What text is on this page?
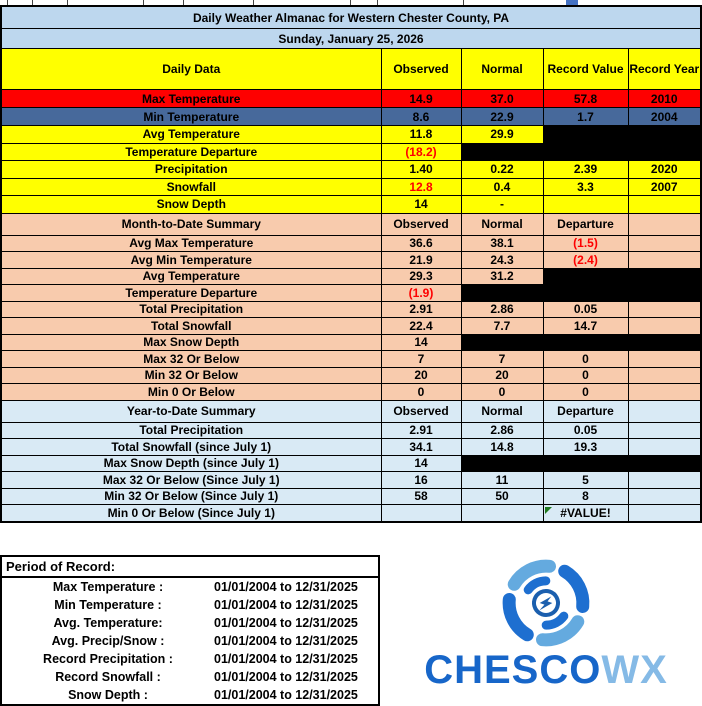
Daily Weather Almanac for Western Chester County, PA				
Sunday, January 25, 2026				
Daily Data	Observed	Normal	Record Value	Record Year
Max Temperature	14.9	37.0	57.8	2010
Min Temperature	8.6	22.9	1.7	2004
Avg Temperature	11.8	29.9		
Temperature Departure	(18.2)			
Precipitation	1.40	0.22	2.39	2020
Snowfall	12.8	0.4	3.3	2007
Snow Depth	14	-		
Month-to-Date Summary	Observed	Normal	Departure	
Avg Max Temperature	36.6	38.1	(1.5)	
Avg Min Temperature	21.9	24.3	(2.4)	
Avg Temperature	29.3	31.2		
Temperature Departure	(1.9)			
Total Precipitation	2.91	2.86	0.05	
Total Snowfall	22.4	7.7	14.7	
Max Snow Depth	14			
Max 32 Or Below	7	7	0	
Min 32 Or Below	20	20	0	
Min 0 Or Below	0	0	0	
Year-to-Date Summary	Observed	Normal	Departure	
Total Precipitation	2.91	2.86	0.05	
Total Snowfall (since July 1)	34.1	14.8	19.3	
Max Snow Depth (since July 1)	14			
Max 32 Or Below (Since July 1)	16	11	5	
Min 32 Or Below (Since July 1)	58	50	8	
Min 0 Or Below (Since July 1)			#VALUE!	
Period of Record:
Max Temperature :	01/01/2004 to 12/31/2025
Min Temperature :	01/01/2004 to 12/31/2025
Avg. Temperature:	01/01/2004 to 12/31/2025
Avg. Precip/Snow :	01/01/2004 to 12/31/2025
Record Precipitation :	01/01/2004 to 12/31/2025
Record Snowfall :	01/01/2004 to 12/31/2025
Snow Depth :	01/01/2004 to 12/31/2025
CHESCOWX
